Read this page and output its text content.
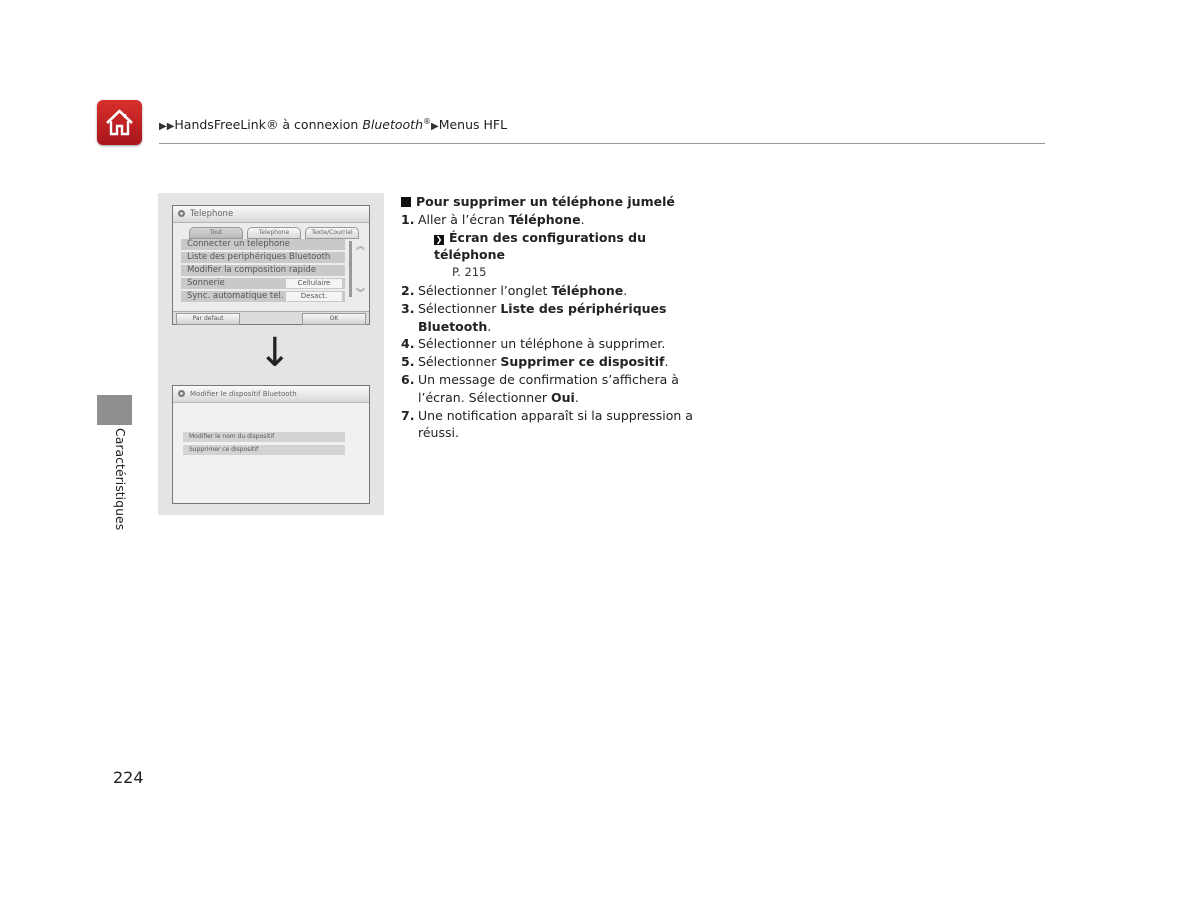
▶▶HandsFreeLink® à connexion Bluetooth®▶Menus HFL
Caractéristiques
Telephone
Tout	Telephone	Texte/Courriel
Connecter un telephone
Liste des periphériques Bluetooth
Modifier la composition rapide
Sonnerie	Cellulaire
Sync. automatique tel.	Desact.
︽
︾
Par defaut	OK
↓
Modifier le dispositif Bluetooth
Modifier le nom du dispositif
Supprimer ce dispositif
Pour supprimer un téléphone jumelé
1. Aller à l’écran Téléphone.
❯ Écran des configurations du téléphone
P. 215
2. Sélectionner l’onglet Téléphone.
3. Sélectionner Liste des périphériques Bluetooth.
4. Sélectionner un téléphone à supprimer.
5. Sélectionner Supprimer ce dispositif.
6. Un message de confirmation s’affichera à l’écran. Sélectionner Oui.
7. Une notification apparaît si la suppression a réussi.
224
